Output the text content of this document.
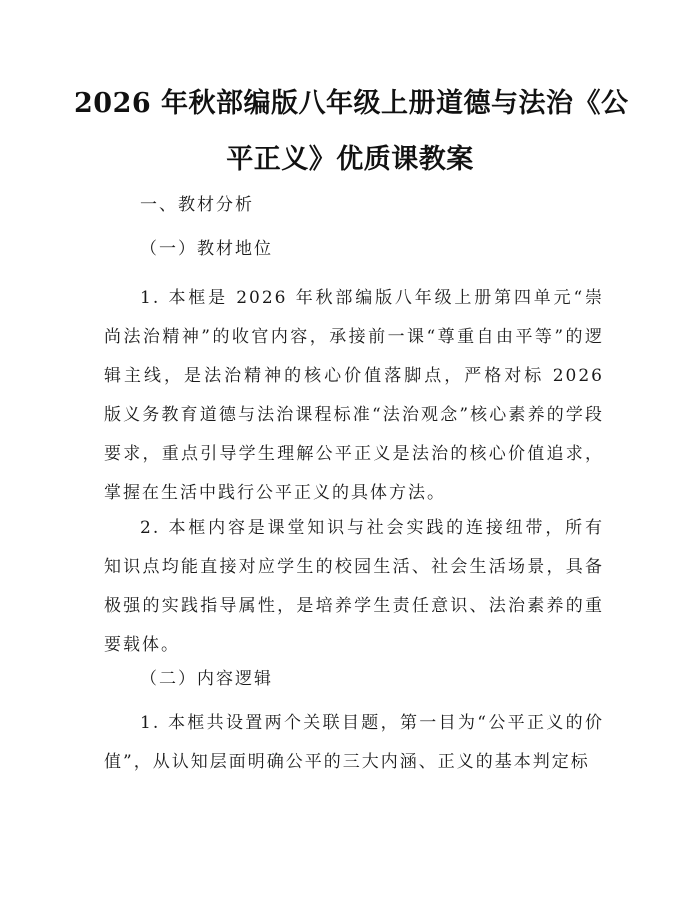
2026 年秋部编版八年级上册道德与法治《公
平正义》优质课教案
一、教材分析
（一）教材地位
1. 本框是 2026 年秋部编版八年级上册第四单元“崇尚法治精神”的收官内容，承接前一课“尊重自由平等”的逻辑主线，是法治精神的核心价值落脚点，严格对标 2026 版义务教育道德与法治课程标准“法治观念”核心素养的学段要求，重点引导学生理解公平正义是法治的核心价值追求，掌握在生活中践行公平正义的具体方法。
2. 本框内容是课堂知识与社会实践的连接纽带，所有知识点均能直接对应学生的校园生活、社会生活场景，具备极强的实践指导属性，是培养学生责任意识、法治素养的重要载体。
（二）内容逻辑
1. 本框共设置两个关联目题，第一目为“公平正义的价值”，从认知层面明确公平的三大内涵、正义的基本判定标
